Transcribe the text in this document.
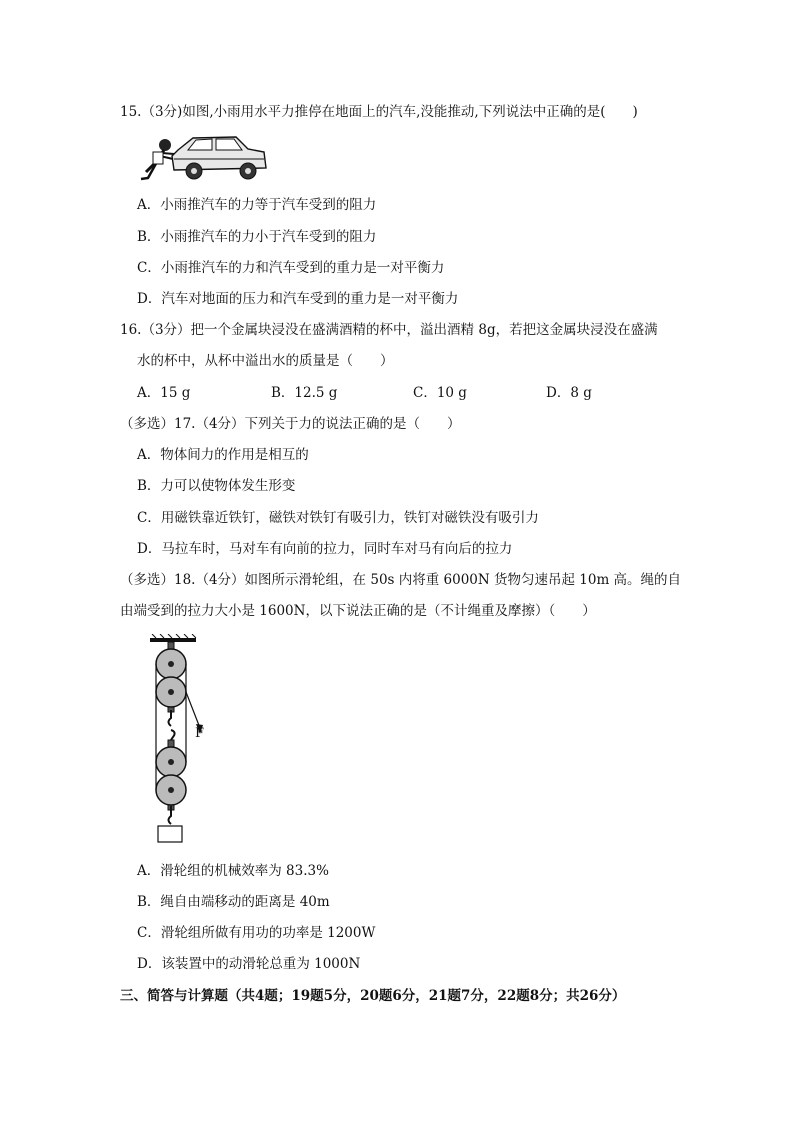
15.（3分)如图,小雨用水平力推停在地面上的汽车,没能推动,下列说法中正确的是(　　)
A．小雨推汽车的力等于汽车受到的阻力
B．小雨推汽车的力小于汽车受到的阻力
C．小雨推汽车的力和汽车受到的重力是一对平衡力
D．汽车对地面的压力和汽车受到的重力是一对平衡力
16.（3分）把一个金属块浸没在盛满酒精的杯中，溢出酒精 8g，若把这金属块浸没在盛满
水的杯中，从杯中溢出水的质量是（　　）
A．15 g	B．12.5 g	C．10 g	D．8 g
（多选）17.（4分）下列关于力的说法正确的是（　　）
A．物体间力的作用是相互的
B．力可以使物体发生形变
C．用磁铁靠近铁钉，磁铁对铁钉有吸引力，铁钉对磁铁没有吸引力
D．马拉车时，马对车有向前的拉力，同时车对马有向后的拉力
（多选）18.（4分）如图所示滑轮组，在 50s 内将重 6000N 货物匀速吊起 10m 高。绳的自
由端受到的拉力大小是 1600N，以下说法正确的是（不计绳重及摩擦）（　　）
F
A．滑轮组的机械效率为 83.3%
B．绳自由端移动的距离是 40m
C．滑轮组所做有用功的功率是 1200W
D．该装置中的动滑轮总重为 1000N
三、简答与计算题（共4题；19题5分，20题6分，21题7分，22题8分；共26分）
